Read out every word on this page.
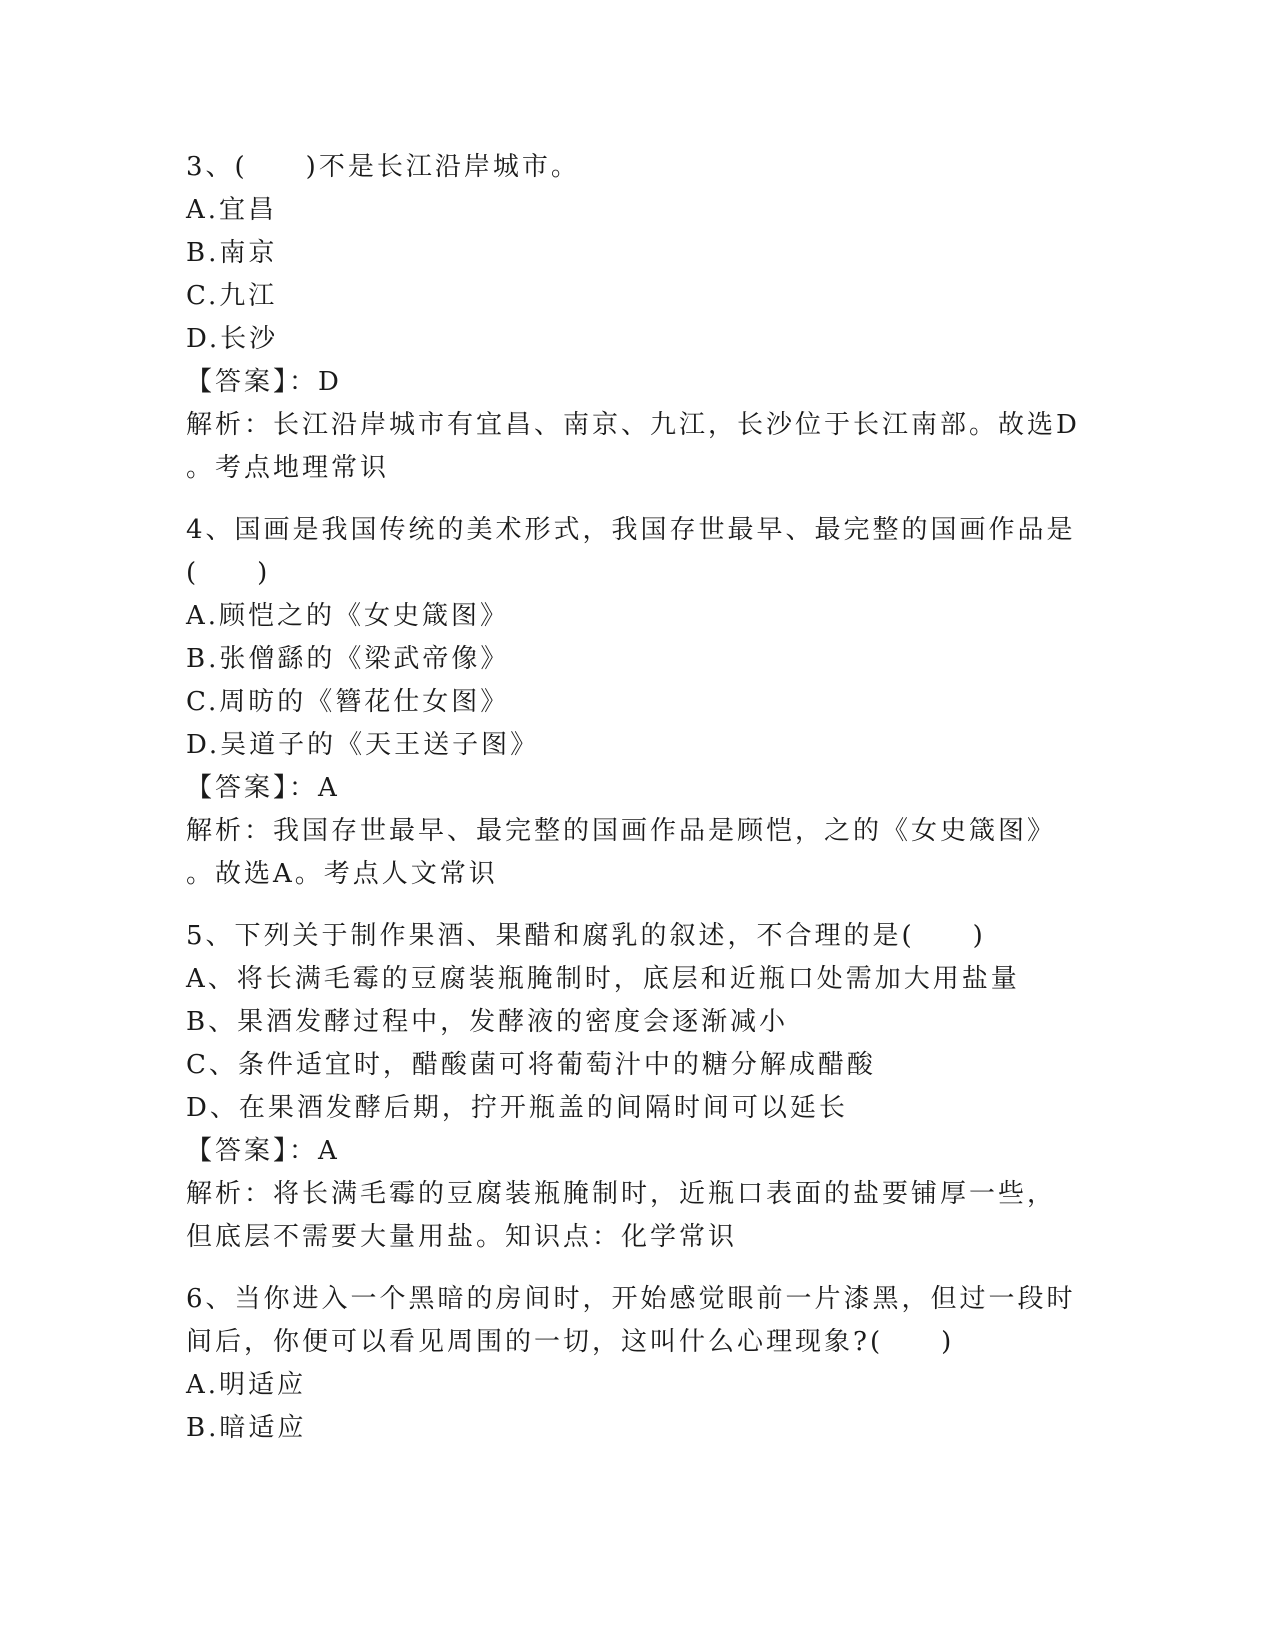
3、(　　)不是长江沿岸城市。

A.宜昌

B.南京

C.九江

D.长沙

【答案】：D

解析：长江沿岸城市有宜昌、南京、九江，长沙位于长江南部。故选D

。考点地理常识

4、国画是我国传统的美术形式，我国存世最早、最完整的国画作品是

(　　)

A.顾恺之的《女史箴图》

B.张僧繇的《梁武帝像》

C.周昉的《簪花仕女图》

D.吴道子的《天王送子图》

【答案】：A

解析：我国存世最早、最完整的国画作品是顾恺，之的《女史箴图》

。故选A。考点人文常识

5、下列关于制作果酒、果醋和腐乳的叙述，不合理的是(　　)

A、将长满毛霉的豆腐装瓶腌制时，底层和近瓶口处需加大用盐量

B、果酒发酵过程中，发酵液的密度会逐渐减小

C、条件适宜时，醋酸菌可将葡萄汁中的糖分解成醋酸

D、在果酒发酵后期，拧开瓶盖的间隔时间可以延长

【答案】：A

解析：将长满毛霉的豆腐装瓶腌制时，近瓶口表面的盐要铺厚一些，

但底层不需要大量用盐。知识点：化学常识

6、当你进入一个黑暗的房间时，开始感觉眼前一片漆黑，但过一段时

间后，你便可以看见周围的一切，这叫什么心理现象?(　　)

A.明适应

B.暗适应
